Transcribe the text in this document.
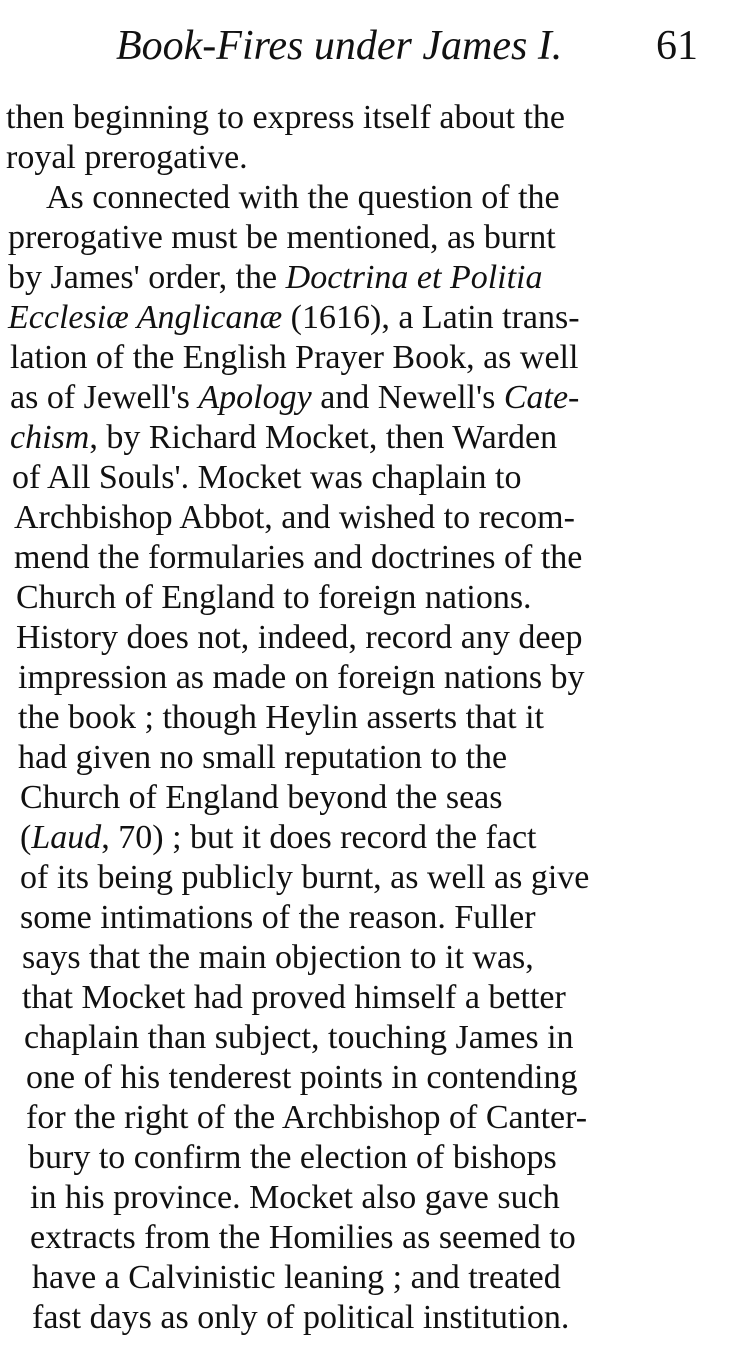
Book-Fires under James I. 61
then beginning to express itself about the
royal prerogative.
As connected with the question of the
prerogative must be mentioned, as burnt
by James' order, the Doctrina et Politia
Ecclesiæ Anglicanæ (1616), a Latin trans-
lation of the English Prayer Book, as well
as of Jewell's Apology and Newell's Cate-
chism, by Richard Mocket, then Warden
of All Souls'. Mocket was chaplain to
Archbishop Abbot, and wished to recom-
mend the formularies and doctrines of the
Church of England to foreign nations.
History does not, indeed, record any deep
impression as made on foreign nations by
the book ; though Heylin asserts that it
had given no small reputation to the
Church of England beyond the seas
(Laud, 70) ; but it does record the fact
of its being publicly burnt, as well as give
some intimations of the reason. Fuller
says that the main objection to it was,
that Mocket had proved himself a better
chaplain than subject, touching James in
one of his tenderest points in contending
for the right of the Archbishop of Canter-
bury to confirm the election of bishops
in his province. Mocket also gave such
extracts from the Homilies as seemed to
have a Calvinistic leaning ; and treated
fast days as only of political institution.
